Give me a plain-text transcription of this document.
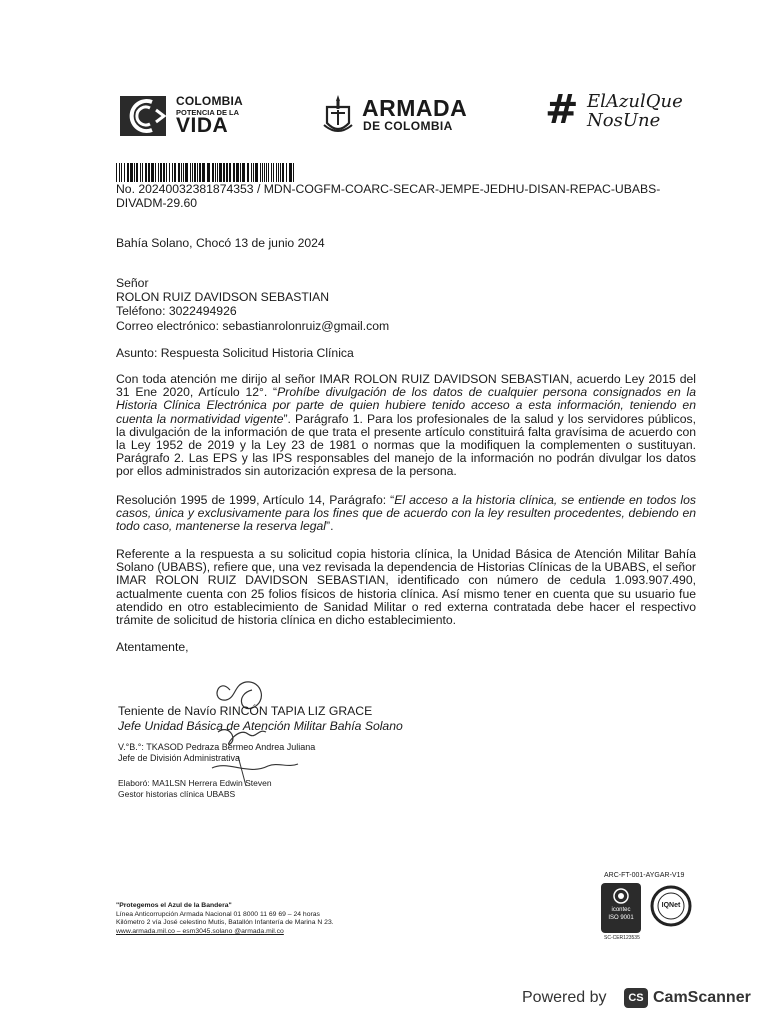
COLOMBIA
POTENCIA DE LA
VIDA
ARMADA
DE COLOMBIA # ElAzulQue
NosUne
No. 20240032381874353 / MDN-COGFM-COARC-SECAR-JEMPE-JEDHU-DISAN-REPAC-UBABS-
DIVADM-29.60
Bahía Solano, Chocó 13 de junio 2024
Señor
ROLON RUIZ DAVIDSON SEBASTIAN
Teléfono: 3022494926
Correo electrónico: sebastianrolonruiz@gmail.com
Asunto: Respuesta Solicitud Historia Clínica
Con toda atención me dirijo al señor IMAR ROLON RUIZ DAVIDSON SEBASTIAN, acuerdo Ley 2015 del 31 Ene 2020, Artículo 12°. “Prohíbe divulgación de los datos de cualquier persona consignados en la Historia Clínica Electrónica por parte de quien hubiere tenido acceso a esta información, teniendo en cuenta la normatividad vigente”. Parágrafo 1. Para los profesionales de la salud y los servidores públicos, la divulgación de la información de que trata el presente artículo constituirá falta gravísima de acuerdo con la Ley 1952 de 2019 y la Ley 23 de 1981 o normas que la modifiquen la complementen o sustituyan. Parágrafo 2. Las EPS y las IPS responsables del manejo de la información no podrán divulgar los datos por ellos administrados sin autorización expresa de la persona.
Resolución 1995 de 1999, Artículo 14, Parágrafo: “El acceso a la historia clínica, se entiende en todos los casos, única y exclusivamente para los fines que de acuerdo con la ley resulten procedentes, debiendo en todo caso, mantenerse la reserva legal”.
Referente a la respuesta a su solicitud copia historia clínica, la Unidad Básica de Atención Militar Bahía Solano (UBABS), refiere que, una vez revisada la dependencia de Historias Clínicas de la UBABS, el señor IMAR ROLON RUIZ DAVIDSON SEBASTIAN, identificado con número de cedula 1.093.907.490, actualmente cuenta con 25 folios físicos de historia clínica. Así mismo tener en cuenta que su usuario fue atendido en otro establecimiento de Sanidad Militar o red externa contratada debe hacer el respectivo trámite de solicitud de historia clínica en dicho establecimiento.
Atentamente,
Teniente de Navío RINCÓN TAPIA LIZ GRACE
Jefe Unidad Básica de Atención Militar Bahía Solano
V.°B.°: TKASOD Pedraza Bermeo Andrea Juliana
Jefe de División Administrativa
Elaboró: MA1LSN Herrera Edwin Steven
Gestor historias clínica UBABS
"Protegemos el Azul de la Bandera"
Línea Anticorrupción Armada Nacional 01 8000 11 69 69 – 24 horas
Kilómetro 2 vía José celestino Mutis, Batallón Infantería de Marina N 23.
www.armada.mil.co – esm3045.solano @armada.mil.co
ARC-FT-001-AYGAR-V19
icontec
ISO 9001
IQNet
SC-CER123535
Powered by	CS CamScanner
